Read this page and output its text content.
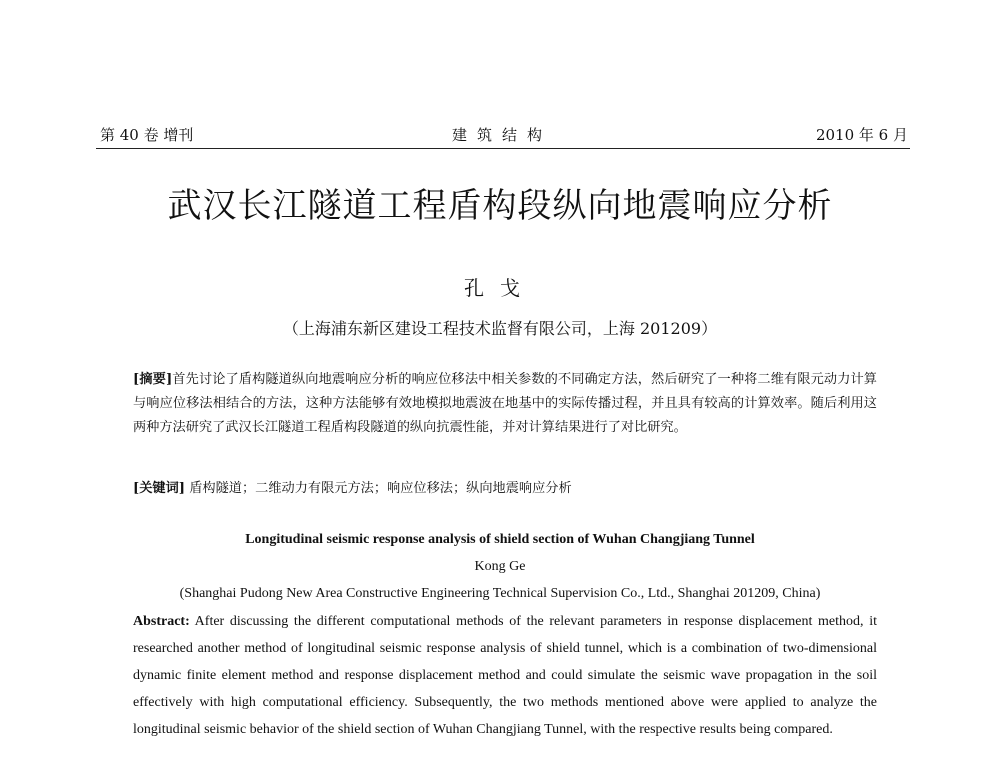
第 40 卷 增刊	建筑结构	2010 年 6 月
武汉长江隧道工程盾构段纵向地震响应分析
孔戈
（上海浦东新区建设工程技术监督有限公司，上海 201209）
[摘要]首先讨论了盾构隧道纵向地震响应分析的响应位移法中相关参数的不同确定方法，然后研究了一种将二维有限元动力计算与响应位移法相结合的方法，这种方法能够有效地模拟地震波在地基中的实际传播过程，并且具有较高的计算效率。随后利用这两种方法研究了武汉长江隧道工程盾构段隧道的纵向抗震性能，并对计算结果进行了对比研究。
[关键词] 盾构隧道；二维动力有限元方法；响应位移法；纵向地震响应分析
Longitudinal seismic response analysis of shield section of Wuhan Changjiang Tunnel
Kong Ge
(Shanghai Pudong New Area Constructive Engineering Technical Supervision Co., Ltd., Shanghai 201209, China)
Abstract: After discussing the different computational methods of the relevant parameters in response displacement method, it researched another method of longitudinal seismic response analysis of shield tunnel, which is a combination of two-dimensional dynamic finite element method and response displacement method and could simulate the seismic wave propagation in the soil effectively with high computational efficiency. Subsequently, the two methods mentioned above were applied to analyze the longitudinal seismic behavior of the shield section of Wuhan Changjiang Tunnel, with the respective results being compared.
